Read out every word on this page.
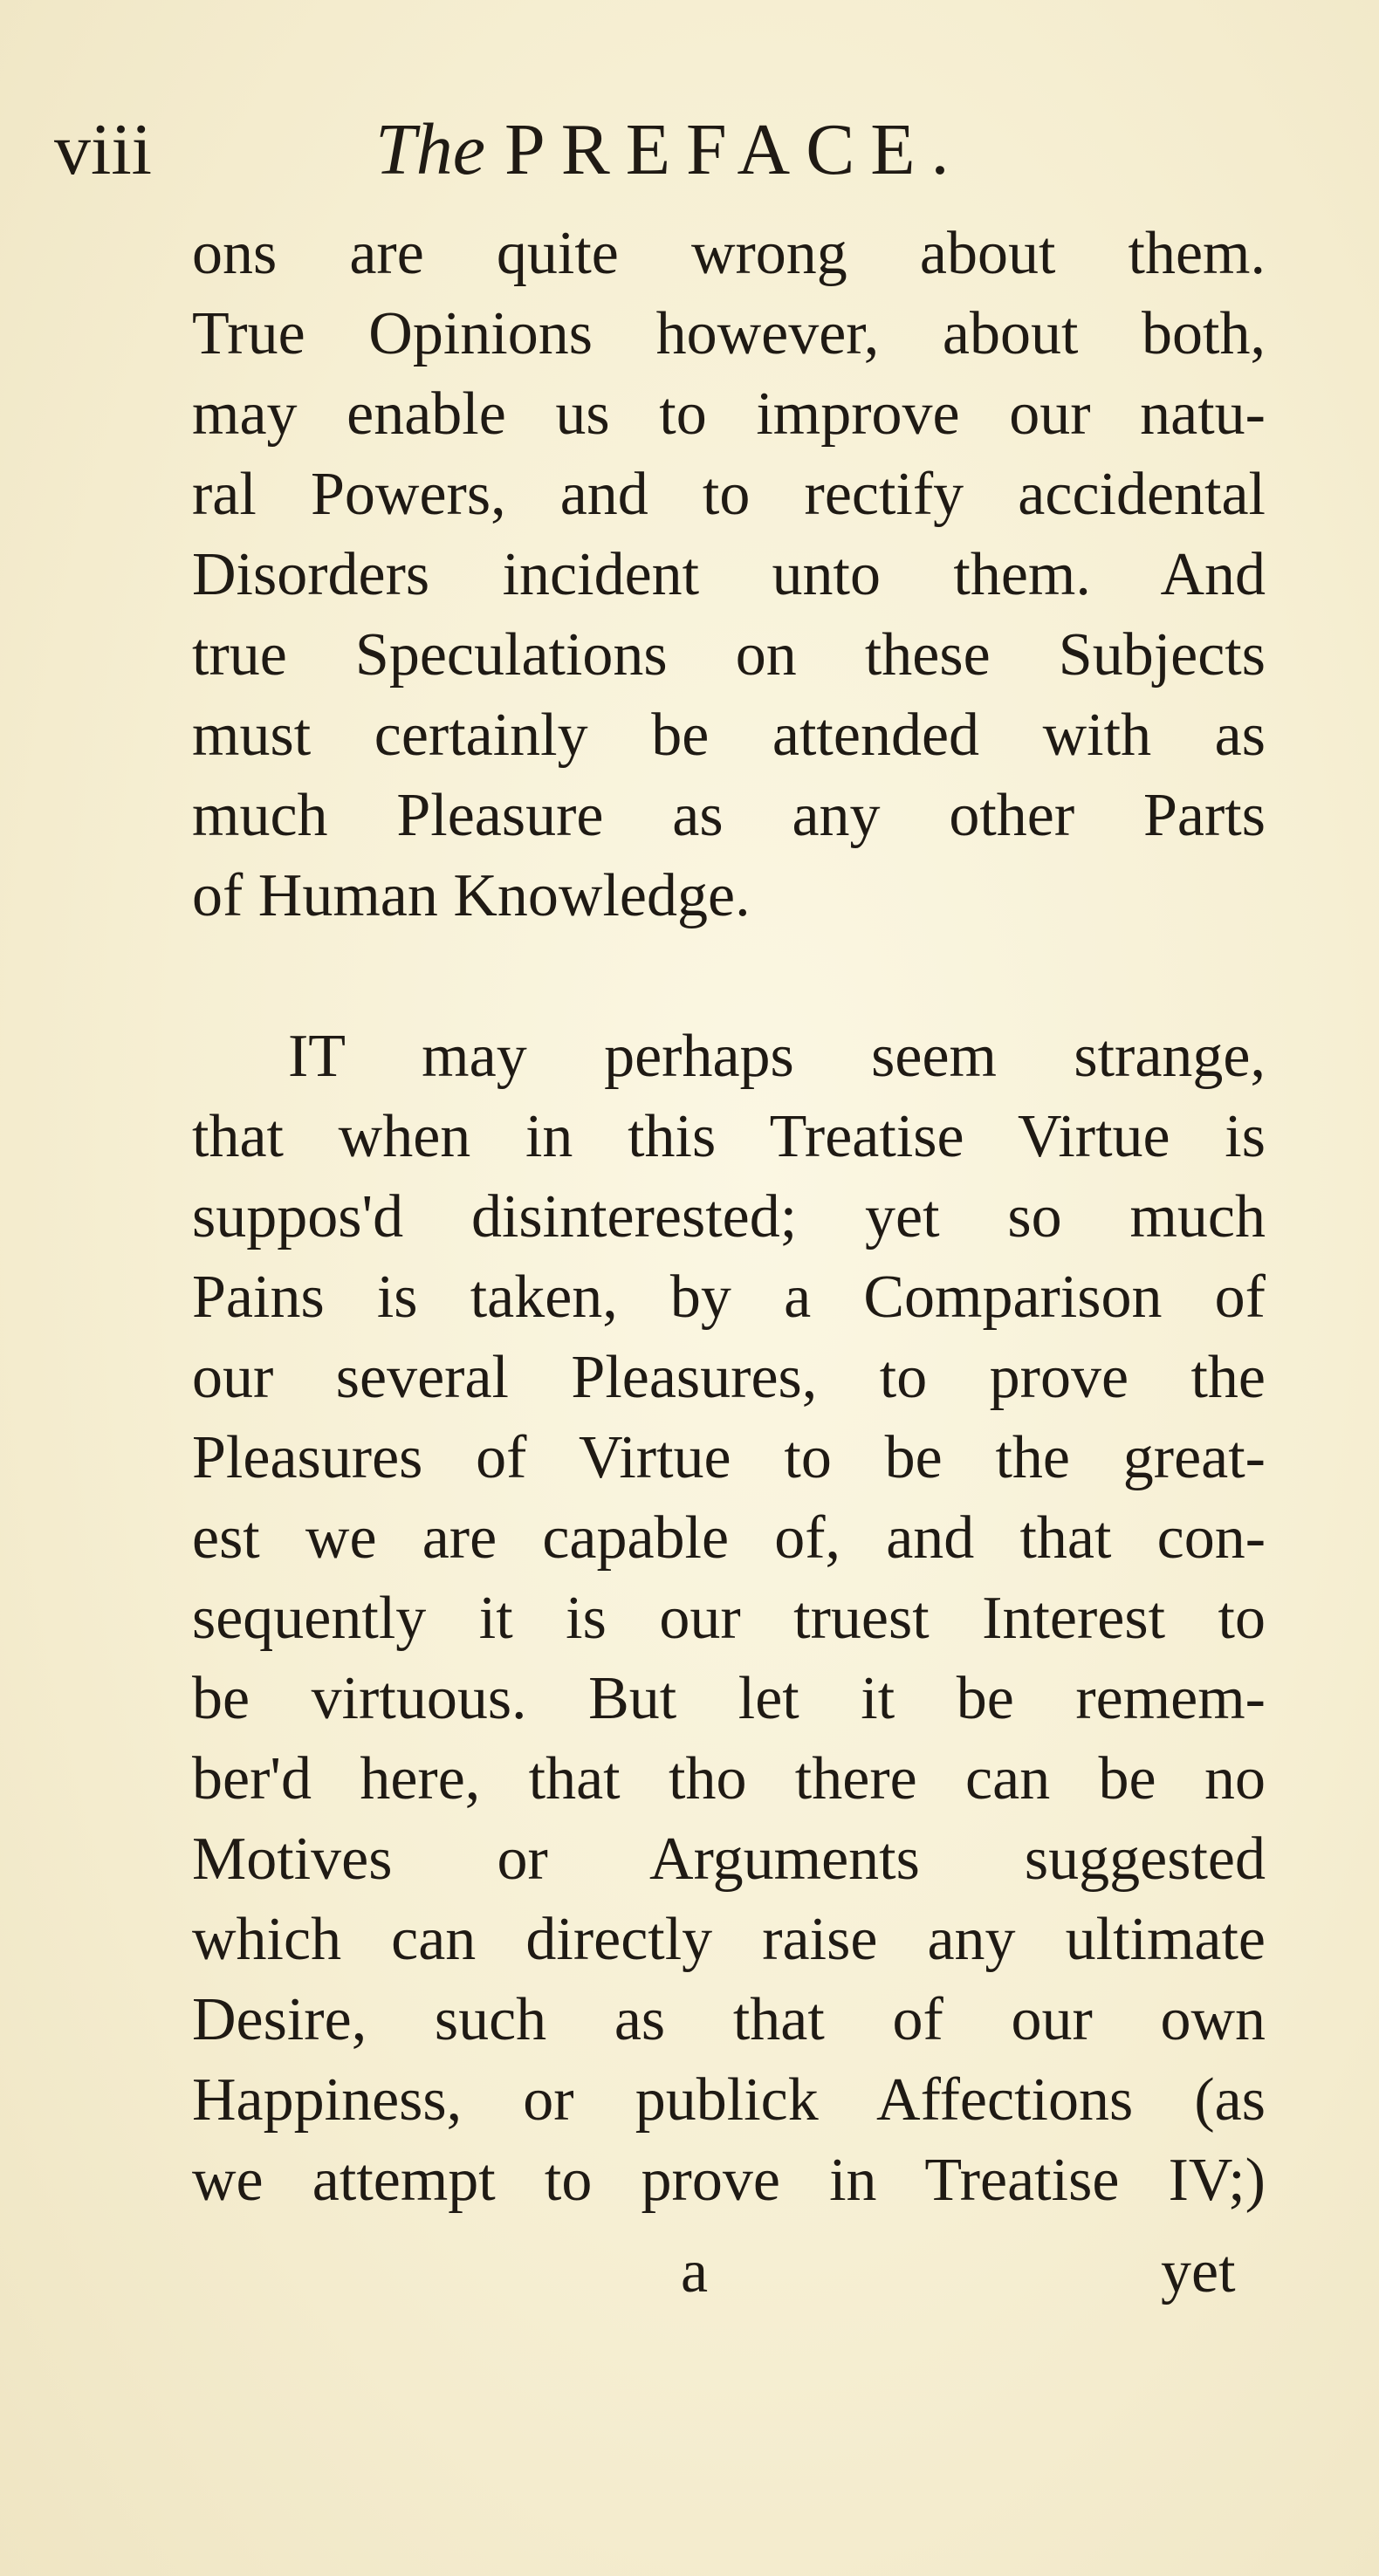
viii	The PREFACE.

ons are quite wrong about them.
True Opinions however, about both,
may enable us to improve our natu-
ral Powers, and to rectify accidental
Disorders incident unto them. And
true Speculations on these Subjects
must certainly be attended with as
much Pleasure as any other Parts
of Human Knowledge.

IT may perhaps seem strange,
that when in this Treatise Virtue is
suppos'd disinterested; yet so much
Pains is taken, by a Comparison of
our several Pleasures, to prove the
Pleasures of Virtue to be the great-
est we are capable of, and that con-
sequently it is our truest Interest to
be virtuous. But let it be remem-
ber'd here, that tho there can be no
Motives or Arguments suggested
which can directly raise any ultimate
Desire, such as that of our own
Happiness, or publick Affections (as
we attempt to prove in Treatise IV;)

a	yet
